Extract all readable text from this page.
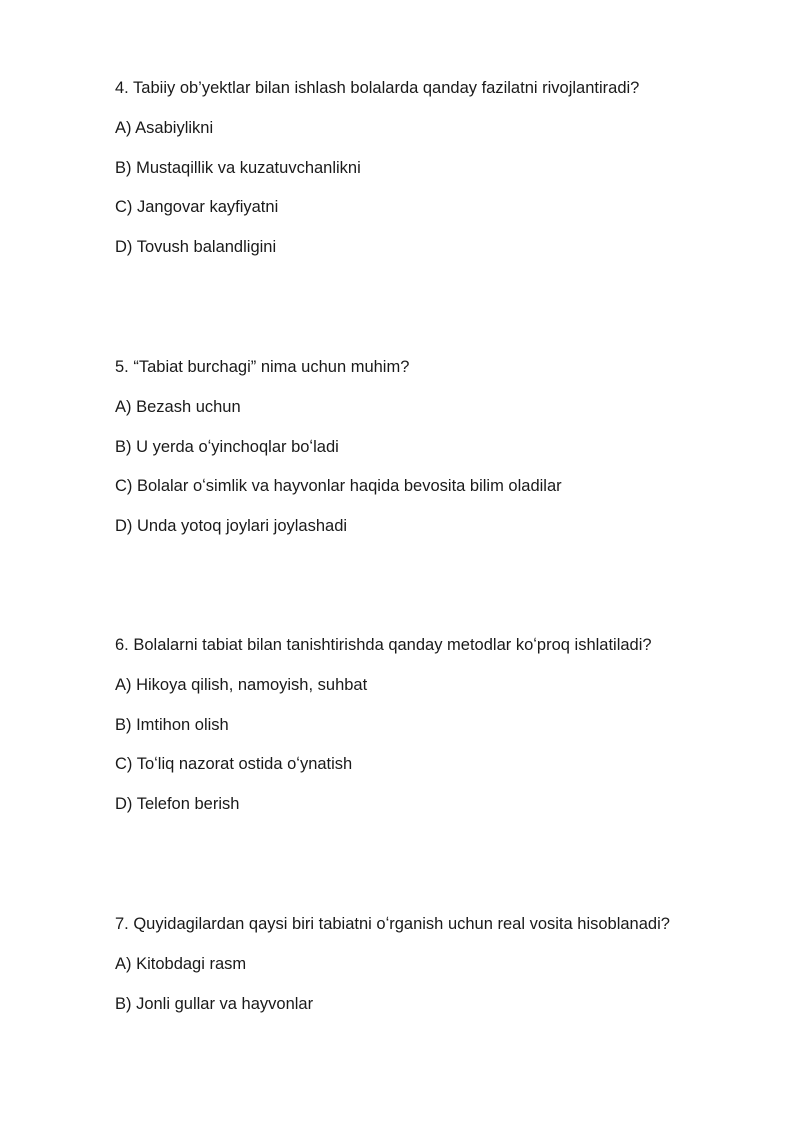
4. Tabiiy ob’yektlar bilan ishlash bolalarda qanday fazilatni rivojlantiradi?
A) Asabiylikni
B) Mustaqillik va kuzatuvchanlikni
C) Jangovar kayfiyatni
D) Tovush balandligini
5. “Tabiat burchagi” nima uchun muhim?
A) Bezash uchun
B) U yerda oʻyinchoqlar boʻladi
C) Bolalar oʻsimlik va hayvonlar haqida bevosita bilim oladilar
D) Unda yotoq joylari joylashadi
6. Bolalarni tabiat bilan tanishtirishda qanday metodlar koʻproq ishlatiladi?
A) Hikoya qilish, namoyish, suhbat
B) Imtihon olish
C) Toʻliq nazorat ostida oʻynatish
D) Telefon berish
7. Quyidagilardan qaysi biri tabiatni oʻrganish uchun real vosita hisoblanadi?
A) Kitobdagi rasm
B) Jonli gullar va hayvonlar
